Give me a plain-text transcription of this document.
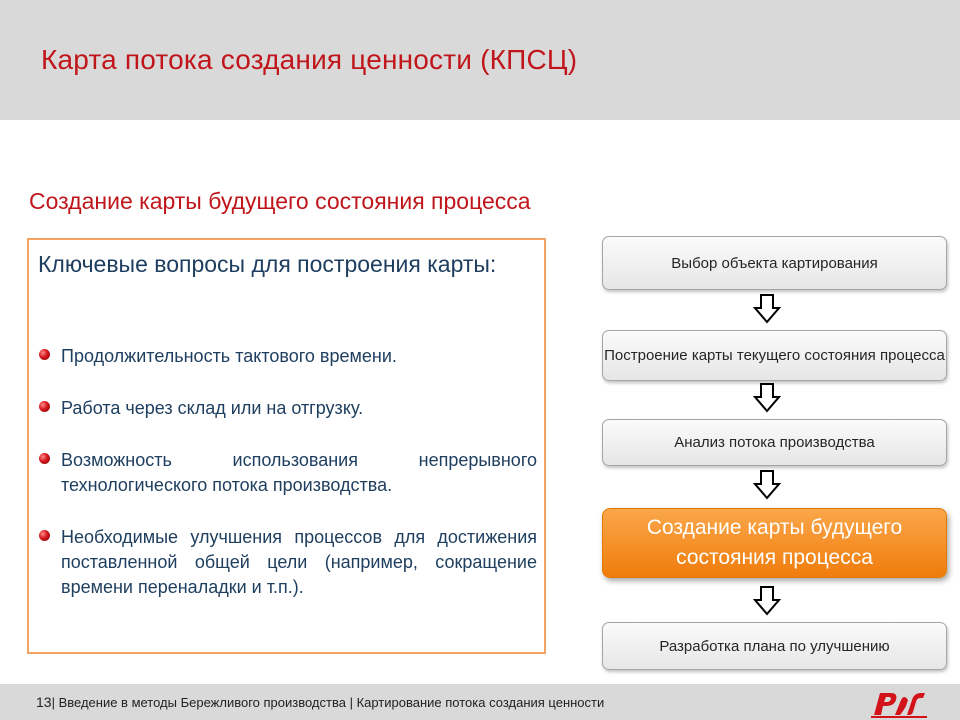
Карта потока создания ценности (КПСЦ)
Создание карты будущего состояния процесса
Ключевые вопросы для построения карты:
Продолжительность тактового времени.
Работа через склад или на отгрузку.
Возможность использования непрерывного технологического потока производства.
Необходимые улучшения процессов для достижения поставленной общей цели (например, сокращение времени переналадки и т.п.).
Выбор объекта картирования
Построение карты текущего состояния процесса
Анализ потока производства
Создание карты будущего состояния процесса
Разработка плана по улучшению
13| Введение в методы Бережливого производства | Картирование потока создания ценности
